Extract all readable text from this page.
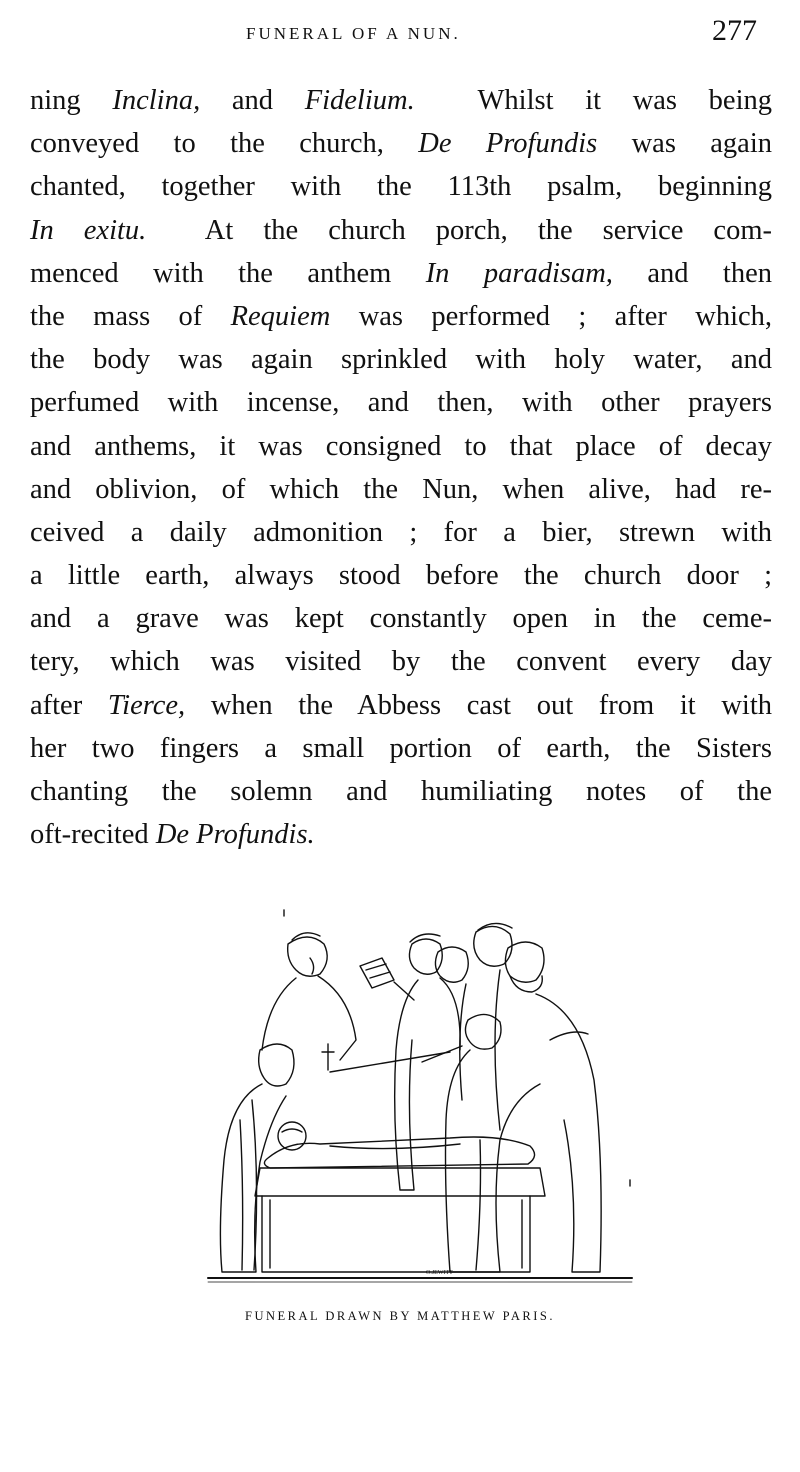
FUNERAL OF A NUN.	277
ning Inclina, and Fidelium.  Whilst it was being
conveyed to the church, De Profundis was again
chanted, together with the 113th psalm, beginning
In exitu.  At the church porch, the service com-
menced with the anthem In paradisam, and then
the mass of Requiem was performed ; after which,
the body was again sprinkled with holy water, and
perfumed with incense, and then, with other prayers
and anthems, it was consigned to that place of decay
and oblivion, of which the Nun, when alive, had re-
ceived a daily admonition ; for a bier, strewn with
a little earth, always stood before the church door ;
and a grave was kept constantly open in the ceme-
tery, which was visited by the convent every day
after Tierce, when the Abbess cast out from it with
her two fingers a small portion of earth, the Sisters
chanting the solemn and humiliating notes of the
oft-recited De Profundis.
O.JEWITT
FUNERAL DRAWN BY MATTHEW PARIS.
